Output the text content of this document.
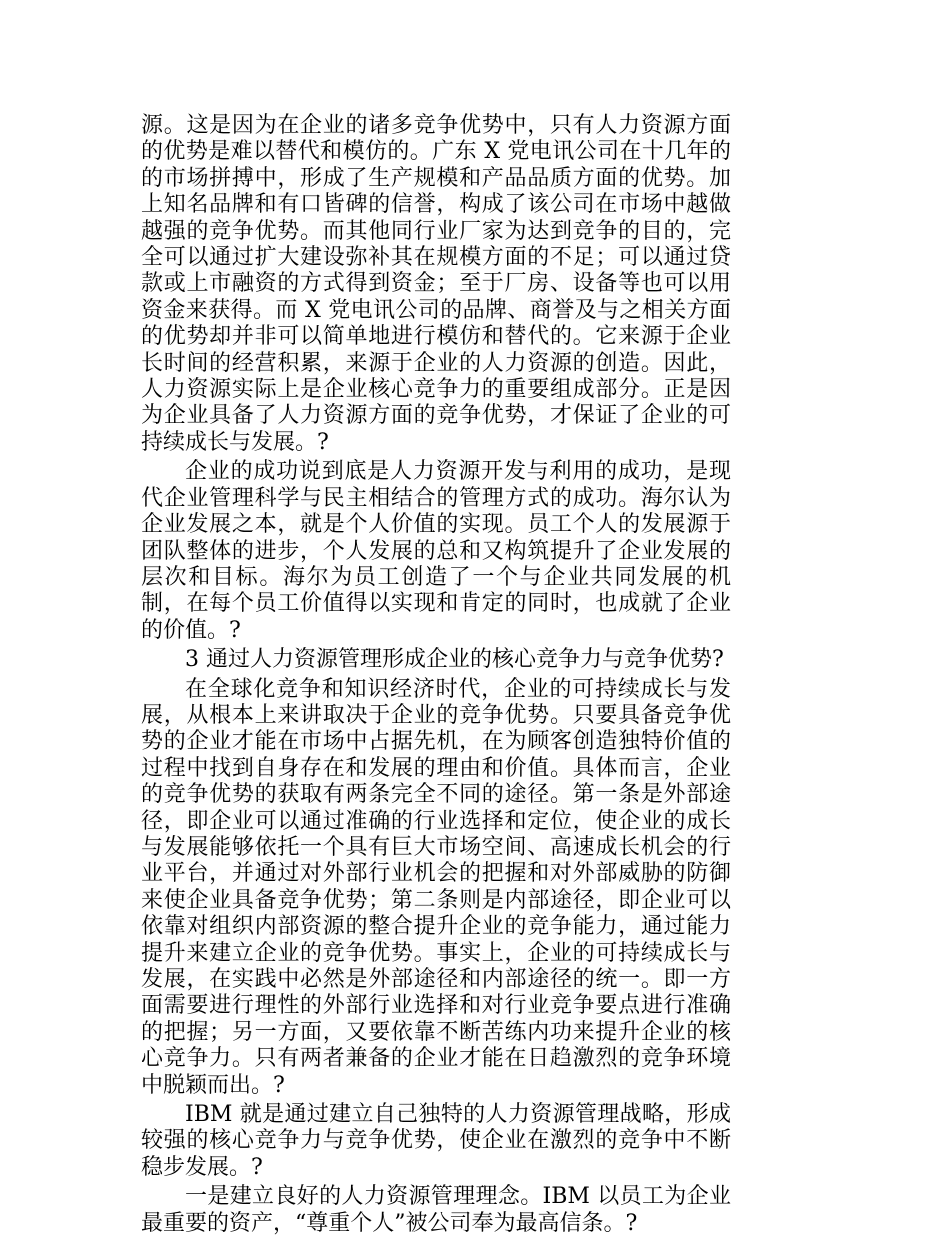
源。这是因为在企业的诸多竞争优势中，只有人力资源方面的优势是难以替代和模仿的。广东 X 党电讯公司在十几年的的市场拼搏中，形成了生产规模和产品品质方面的优势。加上知名品牌和有口皆碑的信誉，构成了该公司在市场中越做越强的竞争优势。而其他同行业厂家为达到竞争的目的，完全可以通过扩大建设弥补其在规模方面的不足；可以通过贷款或上市融资的方式得到资金；至于厂房、设备等也可以用资金来获得。而 X 党电讯公司的品牌、商誉及与之相关方面的优势却并非可以简单地进行模仿和替代的。它来源于企业长时间的经营积累，来源于企业的人力资源的创造。因此，人力资源实际上是企业核心竞争力的重要组成部分。正是因为企业具备了人力资源方面的竞争优势，才保证了企业的可持续成长与发展。?

企业的成功说到底是人力资源开发与利用的成功，是现代企业管理科学与民主相结合的管理方式的成功。海尔认为企业发展之本，就是个人价值的实现。员工个人的发展源于团队整体的进步，个人发展的总和又构筑提升了企业发展的层次和目标。海尔为员工创造了一个与企业共同发展的机制，在每个员工价值得以实现和肯定的同时，也成就了企业的价值。?

3 通过人力资源管理形成企业的核心竞争力与竞争优势?

在全球化竞争和知识经济时代，企业的可持续成长与发展，从根本上来讲取决于企业的竞争优势。只要具备竞争优势的企业才能在市场中占据先机，在为顾客创造独特价值的过程中找到自身存在和发展的理由和价值。具体而言，企业的竞争优势的获取有两条完全不同的途径。第一条是外部途径，即企业可以通过准确的行业选择和定位，使企业的成长与发展能够依托一个具有巨大市场空间、高速成长机会的行业平台，并通过对外部行业机会的把握和对外部威胁的防御来使企业具备竞争优势；第二条则是内部途径，即企业可以依靠对组织内部资源的整合提升企业的竞争能力，通过能力提升来建立企业的竞争优势。事实上，企业的可持续成长与发展，在实践中必然是外部途径和内部途径的统一。即一方面需要进行理性的外部行业选择和对行业竞争要点进行准确的把握；另一方面，又要依靠不断苦练内功来提升企业的核心竞争力。只有两者兼备的企业才能在日趋激烈的竞争环境中脱颖而出。?

IBM 就是通过建立自己独特的人力资源管理战略，形成较强的核心竞争力与竞争优势，使企业在激烈的竞争中不断稳步发展。?

一是建立良好的人力资源管理理念。IBM 以员工为企业最重要的资产，“尊重个人”被公司奉为最高信条。?
